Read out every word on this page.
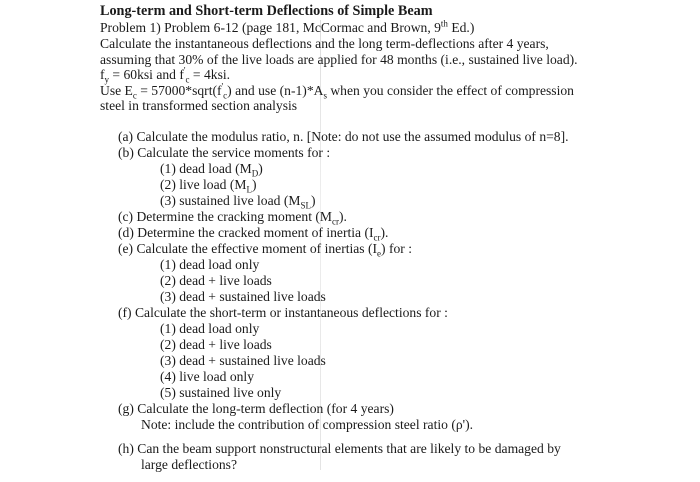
Long-term and Short-term Deflections of Simple Beam
Problem 1) Problem 6-12 (page 181, McCormac and Brown, 9th Ed.)
Calculate the instantaneous deflections and the long term-deflections after 4 years,
assuming that 30% of the live loads are applied for 48 months (i.e., sustained live load).
$f_y = 60ksi$ and $f'_c = 4ksi$.
Use $E_c$ = $57000*sqrt(f'_c)$ and use $(n-1)*A_s$ when you consider the effect of compression
steel in transformed section analysis
(a) Calculate the modulus ratio, n. [Note: do not use the assumed modulus of n=8].
(b) Calculate the service moments for :
(1) dead load $(M_D)$
(2) live load $(M_L)$
(3) sustained live load $(M_{SL})$
(c) Determine the cracking moment $(M_{cr})$.
(d) Determine the cracked moment of inertia $(I_{cr})$.
(e) Calculate the effective moment of inertias $(I_e)$ for :
(1) dead load only
(2) dead + live loads
(3) dead + sustained live loads
(f) Calculate the short-term or instantaneous deflections for :
(1) dead load only
(2) dead + live loads
(3) dead + sustained live loads
(4) live load only
(5) sustained live only
(g) Calculate the long-term deflection (for 4 years)
Note: include the contribution of compression steel ratio (ρ').
(h) Can the beam support nonstructural elements that are likely to be damaged by
large deflections?
